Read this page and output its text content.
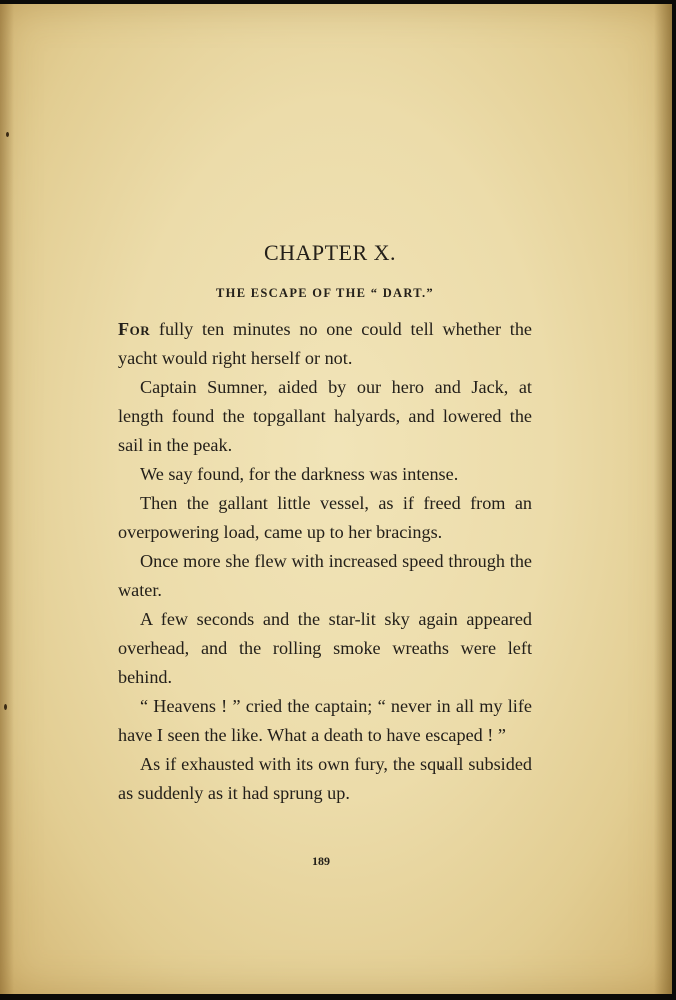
CHAPTER X.
THE ESCAPE OF THE “ DART.”

For fully ten minutes no one could tell whether the yacht would right herself or not.

Captain Sumner, aided by our hero and Jack, at length found the topgallant halyards, and lowered the sail in the peak.

We say found, for the darkness was intense.

Then the gallant little vessel, as if freed from an overpowering load, came up to her bracings.

Once more she flew with increased speed through the water.

A few seconds and the star-lit sky again appeared overhead, and the rolling smoke wreaths were left behind.

“ Heavens ! ” cried the captain; “ never in all my life have I seen the like. What a death to have escaped ! ”

As if exhausted with its own fury, the squall subsided as suddenly as it had sprung up.

189
